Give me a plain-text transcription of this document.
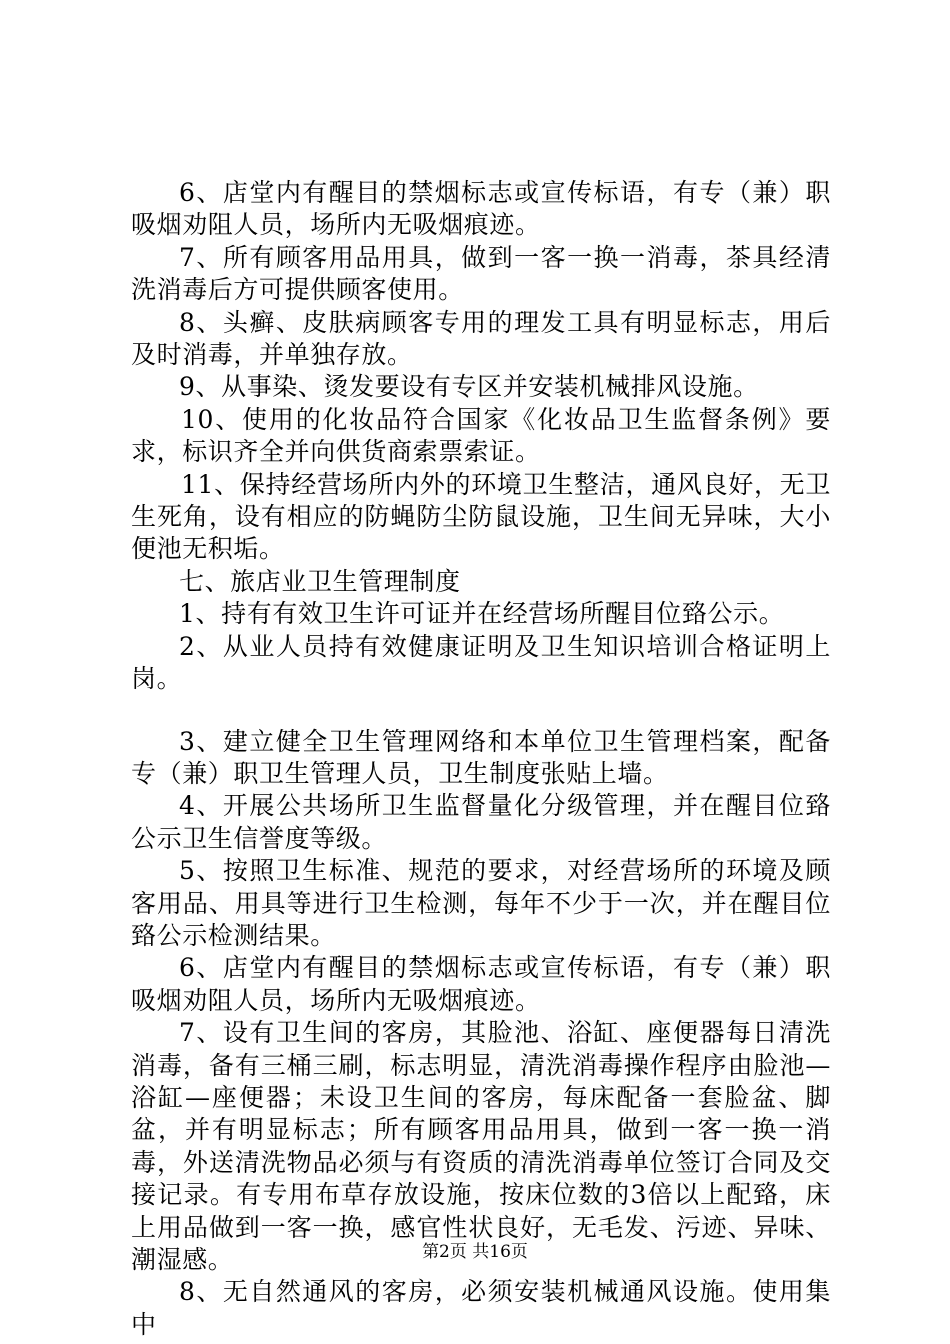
6、店堂内有醒目的禁烟标志或宣传标语，有专（兼）职吸烟劝阻人员，场所内无吸烟痕迹。

7、所有顾客用品用具，做到一客一换一消毒，茶具经清洗消毒后方可提供顾客使用。

8、头癣、皮肤病顾客专用的理发工具有明显标志，用后及时消毒，并单独存放。

9、从事染、烫发要设有专区并安装机械排风设施。

10、使用的化妆品符合国家《化妆品卫生监督条例》要求，标识齐全并向供货商索票索证。

11、保持经营场所内外的环境卫生整洁，通风良好，无卫生死角，设有相应的防蝇防尘防鼠设施，卫生间无异味，大小便池无积垢。

七、旅店业卫生管理制度

1、持有有效卫生许可证并在经营场所醒目位臵公示。

2、从业人员持有效健康证明及卫生知识培训合格证明上岗。

3、建立健全卫生管理网络和本单位卫生管理档案，配备专（兼）职卫生管理人员，卫生制度张贴上墙。

4、开展公共场所卫生监督量化分级管理，并在醒目位臵公示卫生信誉度等级。

5、按照卫生标准、规范的要求，对经营场所的环境及顾客用品、用具等进行卫生检测，每年不少于一次，并在醒目位臵公示检测结果。

6、店堂内有醒目的禁烟标志或宣传标语，有专（兼）职吸烟劝阻人员，场所内无吸烟痕迹。

7、设有卫生间的客房，其脸池、浴缸、座便器每日清洗消毒，备有三桶三刷，标志明显，清洗消毒操作程序由脸池—浴缸—座便器；未设卫生间的客房，每床配备一套脸盆、脚盆，并有明显标志；所有顾客用品用具，做到一客一换一消毒，外送清洗物品必须与有资质的清洗消毒单位签订合同及交接记录。有专用布草存放设施，按床位数的3倍以上配臵，床上用品做到一客一换，感官性状良好，无毛发、污迹、异味、潮湿感。

8、无自然通风的客房，必须安装机械通风设施。使用集中

第2页 共16页
